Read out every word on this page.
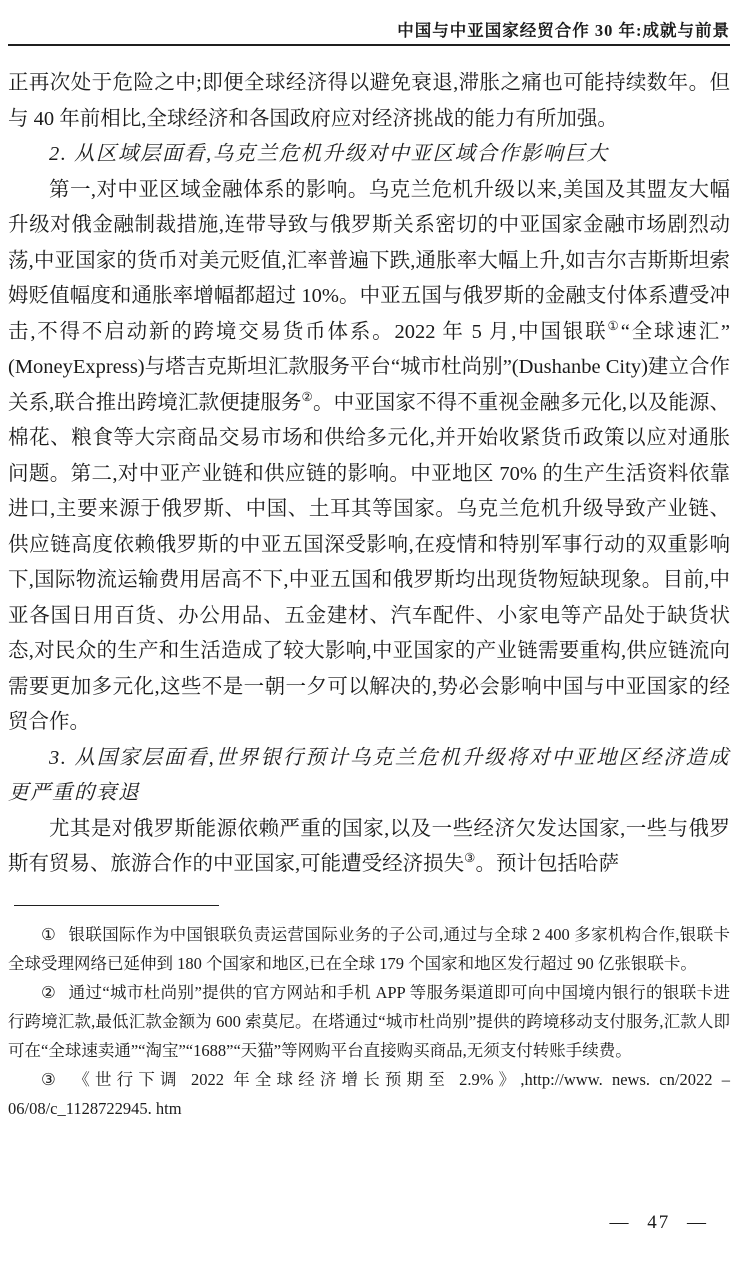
中国与中亚国家经贸合作 30 年:成就与前景

正再次处于危险之中;即便全球经济得以避免衰退,滞胀之痛也可能持续数年。但与 40 年前相比,全球经济和各国政府应对经济挑战的能力有所加强。

2. 从区域层面看,乌克兰危机升级对中亚区域合作影响巨大

第一,对中亚区域金融体系的影响。乌克兰危机升级以来,美国及其盟友大幅升级对俄金融制裁措施,连带导致与俄罗斯关系密切的中亚国家金融市场剧烈动荡,中亚国家的货币对美元贬值,汇率普遍下跌,通胀率大幅上升,如吉尔吉斯斯坦索姆贬值幅度和通胀率增幅都超过 10%。中亚五国与俄罗斯的金融支付体系遭受冲击,不得不启动新的跨境交易货币体系。2022 年 5 月,中国银联①“全球速汇”(MoneyExpress)与塔吉克斯坦汇款服务平台“城市杜尚别”(Dushanbe City)建立合作关系,联合推出跨境汇款便捷服务②。中亚国家不得不重视金融多元化,以及能源、棉花、粮食等大宗商品交易市场和供给多元化,并开始收紧货币政策以应对通胀问题。第二,对中亚产业链和供应链的影响。中亚地区 70% 的生产生活资料依靠进口,主要来源于俄罗斯、中国、土耳其等国家。乌克兰危机升级导致产业链、供应链高度依赖俄罗斯的中亚五国深受影响,在疫情和特别军事行动的双重影响下,国际物流运输费用居高不下,中亚五国和俄罗斯均出现货物短缺现象。目前,中亚各国日用百货、办公用品、五金建材、汽车配件、小家电等产品处于缺货状态,对民众的生产和生活造成了较大影响,中亚国家的产业链需要重构,供应链流向需要更加多元化,这些不是一朝一夕可以解决的,势必会影响中国与中亚国家的经贸合作。

3. 从国家层面看,世界银行预计乌克兰危机升级将对中亚地区经济造成更严重的衰退

尤其是对俄罗斯能源依赖严重的国家,以及一些经济欠发达国家,一些与俄罗斯有贸易、旅游合作的中亚国家,可能遭受经济损失③。预计包括哈萨

① 银联国际作为中国银联负责运营国际业务的子公司,通过与全球 2 400 多家机构合作,银联卡全球受理网络已延伸到 180 个国家和地区,已在全球 179 个国家和地区发行超过 90 亿张银联卡。

② 通过“城市杜尚别”提供的官方网站和手机 APP 等服务渠道即可向中国境内银行的银联卡进行跨境汇款,最低汇款金额为 600 索莫尼。在塔通过“城市杜尚别”提供的跨境移动支付服务,汇款人即可在“全球速卖通”“淘宝”“1688”“天猫”等网购平台直接购买商品,无须支付转账手续费。

③ 《世行下调 2022 年全球经济增长预期至 2.9%》,http://www. news. cn/2022 – 06/08/c_1128722945. htm

— 47 —
